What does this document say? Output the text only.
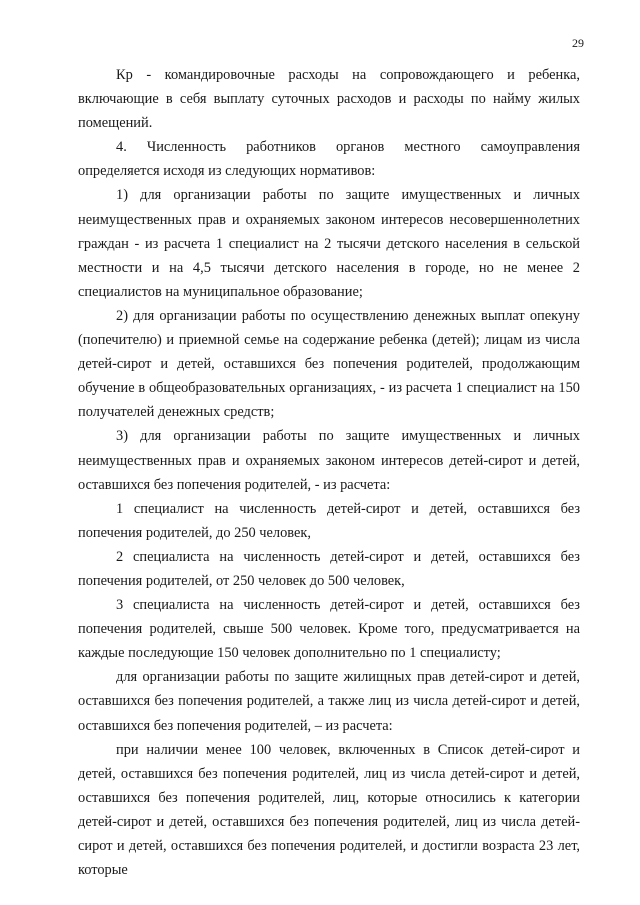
29

Кр - командировочные расходы на сопровождающего и ребенка, включающие в себя выплату суточных расходов и расходы по найму жилых помещений.

4. Численность работников органов местного самоуправления определяется исходя из следующих нормативов:

1) для организации работы по защите имущественных и личных неимущественных прав и охраняемых законом интересов несовершеннолетних граждан - из расчета 1 специалист на 2 тысячи детского населения в сельской местности и на 4,5 тысячи детского населения в городе, но не менее 2 специалистов на муниципальное образование;

2) для организации работы по осуществлению денежных выплат опекуну (попечителю) и приемной семье на содержание ребенка (детей); лицам из числа детей-сирот и детей, оставшихся без попечения родителей, продолжающим обучение в общеобразовательных организациях, - из расчета 1 специалист на 150 получателей денежных средств;

3) для организации работы по защите имущественных и личных неимущественных прав и охраняемых законом интересов детей-сирот и детей, оставшихся без попечения родителей, - из расчета:

1 специалист на численность детей-сирот и детей, оставшихся без попечения родителей, до 250 человек,

2 специалиста на численность детей-сирот и детей, оставшихся без попечения родителей, от 250 человек до 500 человек,

3 специалиста на численность детей-сирот и детей, оставшихся без попечения родителей, свыше 500 человек. Кроме того, предусматривается на каждые последующие 150 человек дополнительно по 1 специалисту;

для организации работы по защите жилищных прав детей-сирот и детей, оставшихся без попечения родителей, а также лиц из числа детей-сирот и детей, оставшихся без попечения родителей, – из расчета:

при наличии менее 100 человек, включенных в Список детей-сирот и детей, оставшихся без попечения родителей, лиц из числа детей-сирот и детей, оставшихся без попечения родителей, лиц, которые относились к категории детей-сирот и детей, оставшихся без попечения родителей, лиц из числа детей-сирот и детей, оставшихся без попечения родителей, и достигли возраста 23 лет, которые
